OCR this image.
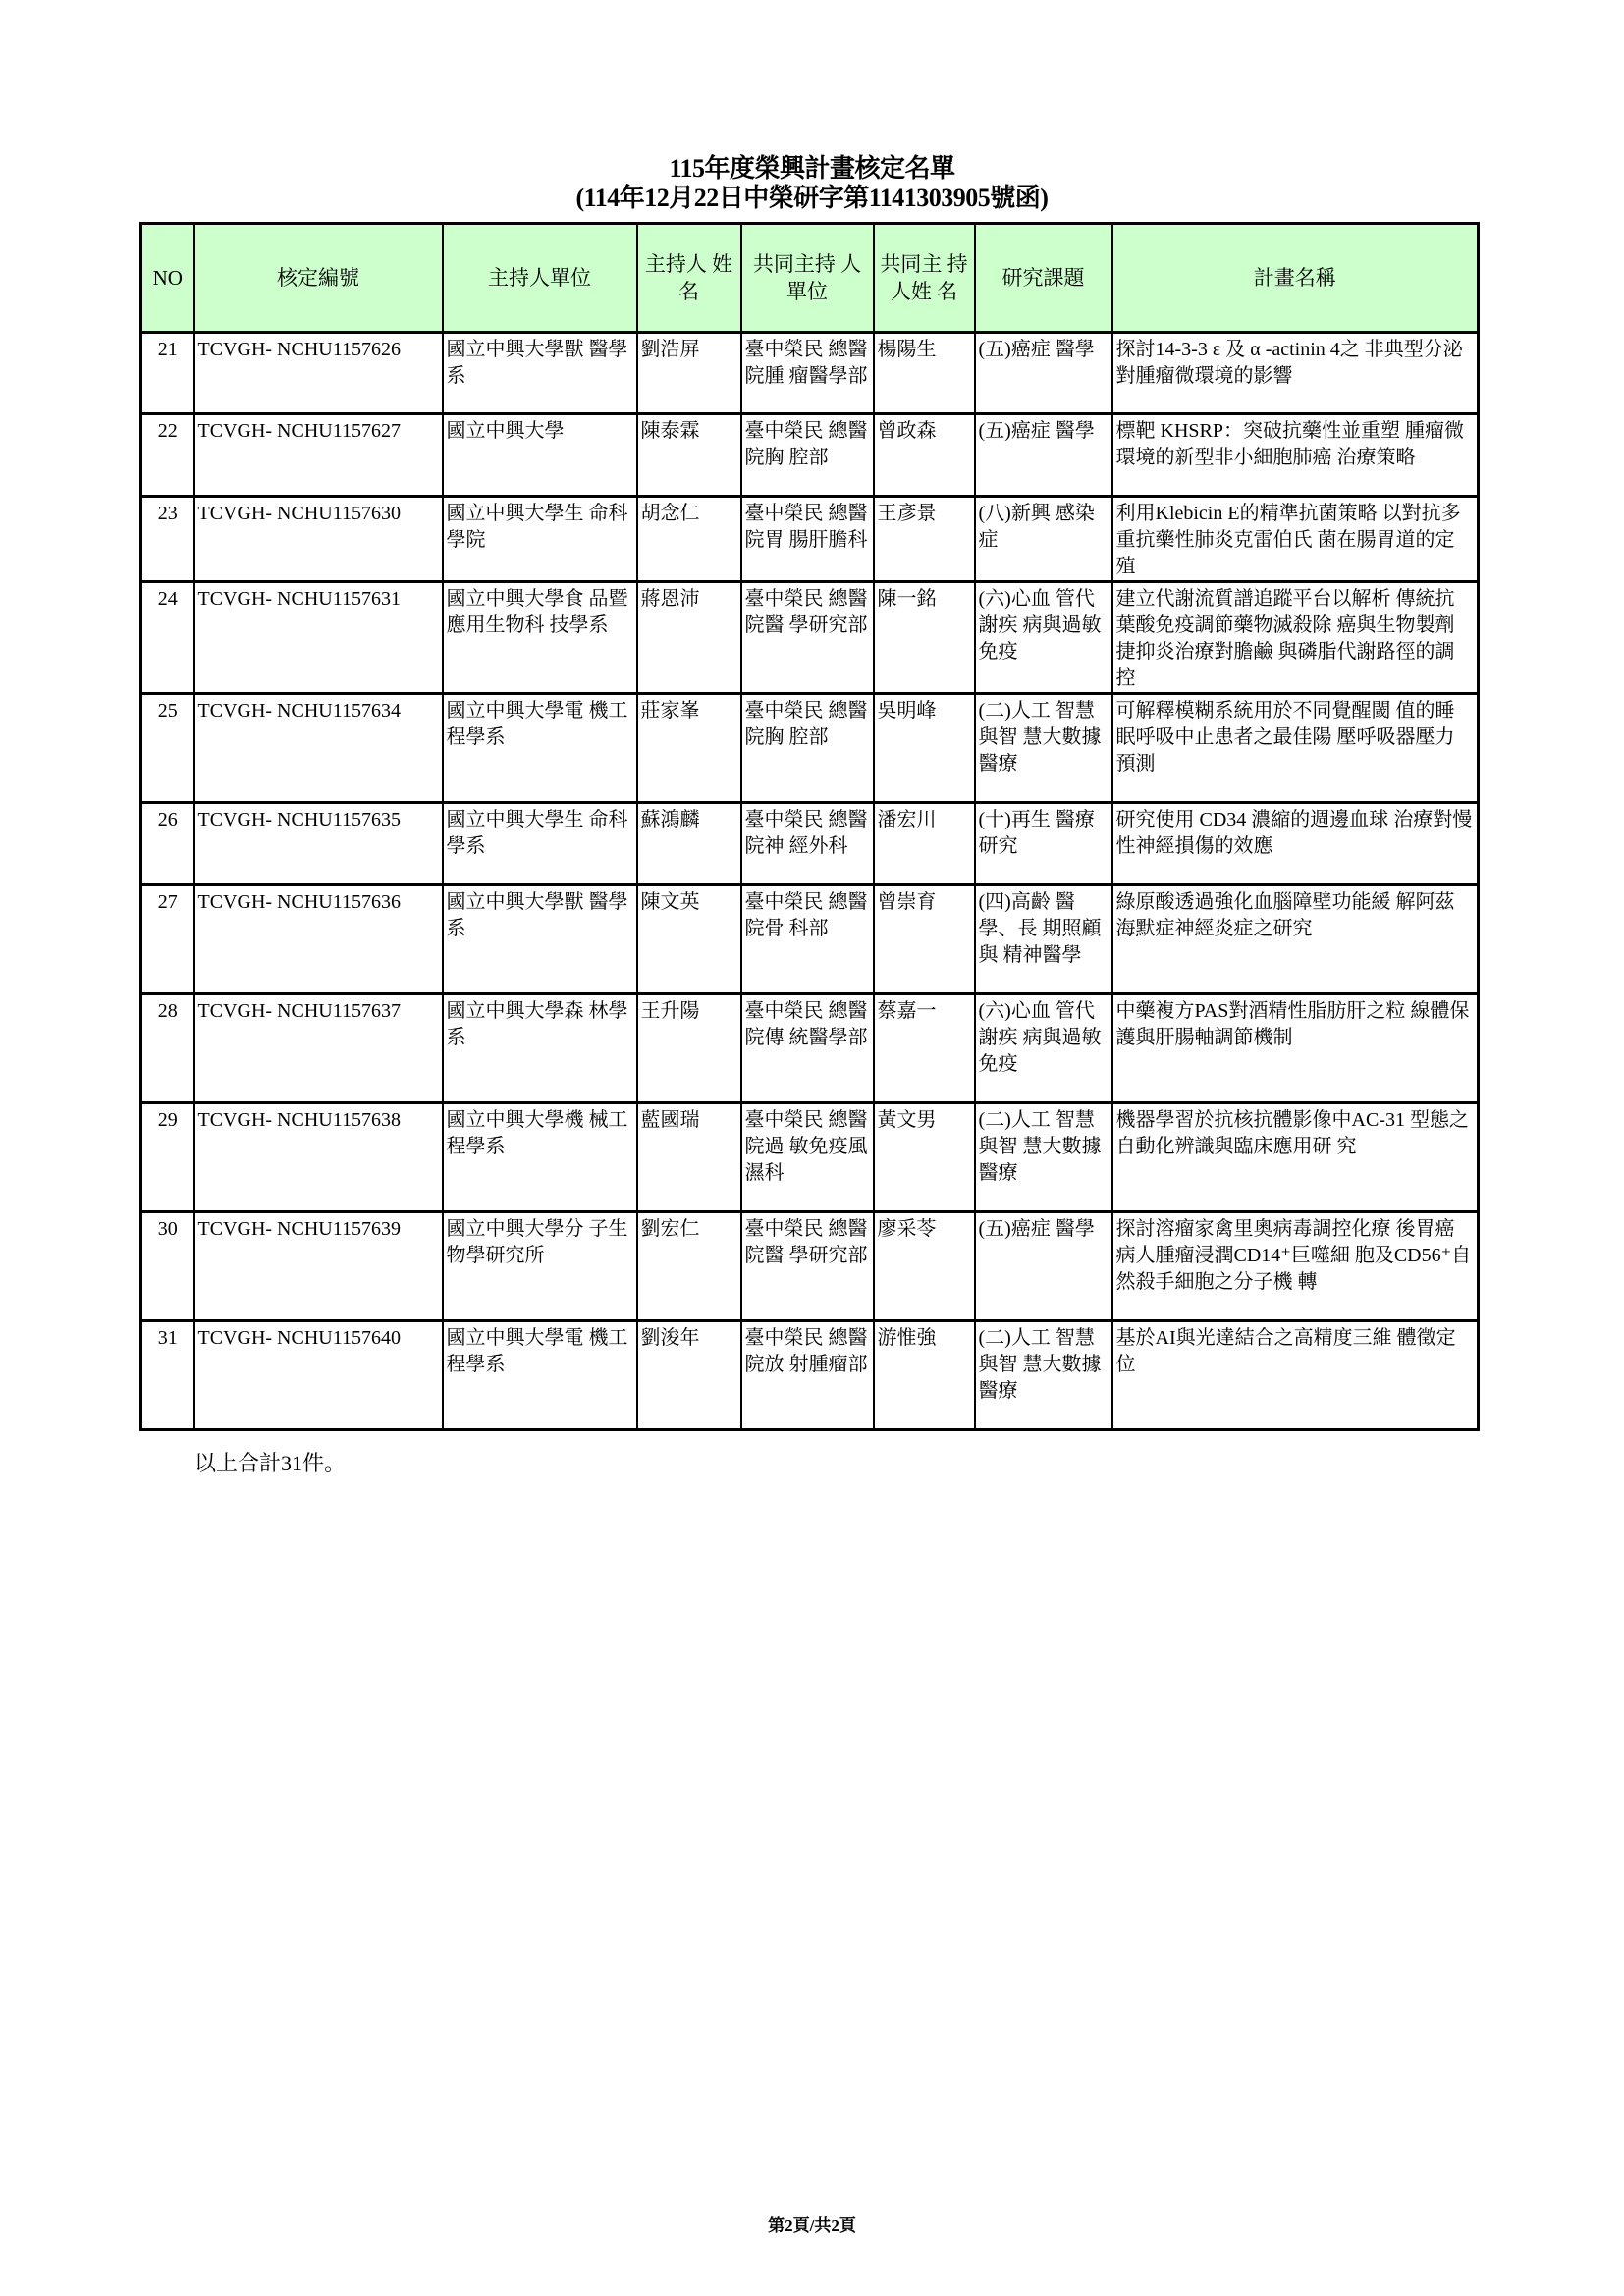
115年度榮興計畫核定名單
(114年12月22日中榮研字第1141303905號函)
NO	核定編號	主持人單位	主持人 姓名	共同主持 人單位	共同主 持人姓 名	研究課題	計畫名稱
21	TCVGH- NCHU1157626	國立中興大學獸 醫學系	劉浩屏	臺中榮民 總醫院腫 瘤醫學部	楊陽生	(五)癌症 醫學	探討14-3-3 ε 及 α -actinin 4之 非典型分泌對腫瘤微環境的影響
22	TCVGH- NCHU1157627	國立中興大學	陳泰霖	臺中榮民 總醫院胸 腔部	曾政森	(五)癌症 醫學	標靶 KHSRP：突破抗藥性並重塑 腫瘤微環境的新型非小細胞肺癌 治療策略
23	TCVGH- NCHU1157630	國立中興大學生 命科學院	胡念仁	臺中榮民 總醫院胃 腸肝膽科	王彥景	(八)新興 感染症	利用Klebicin E的精準抗菌策略 以對抗多重抗藥性肺炎克雷伯氏 菌在腸胃道的定殖
24	TCVGH- NCHU1157631	國立中興大學食 品暨應用生物科 技學系	蔣恩沛	臺中榮民 總醫院醫 學研究部	陳一銘	(六)心血 管代謝疾 病與過敏 免疫	建立代謝流質譜追蹤平台以解析 傳統抗葉酸免疫調節藥物滅殺除 癌與生物製劑捷抑炎治療對膽鹼 與磷脂代謝路徑的調控
25	TCVGH- NCHU1157634	國立中興大學電 機工程學系	莊家峯	臺中榮民 總醫院胸 腔部	吳明峰	(二)人工 智慧與智 慧大數據 醫療	可解釋模糊系統用於不同覺醒閾 值的睡眠呼吸中止患者之最佳陽 壓呼吸器壓力預測
26	TCVGH- NCHU1157635	國立中興大學生 命科學系	蘇鴻麟	臺中榮民 總醫院神 經外科	潘宏川	(十)再生 醫療研究	研究使用 CD34 濃縮的週邊血球 治療對慢性神經損傷的效應
27	TCVGH- NCHU1157636	國立中興大學獸 醫學系	陳文英	臺中榮民 總醫院骨 科部	曾崇育	(四)高齡 醫學、長 期照顧與 精神醫學	綠原酸透過強化血腦障壁功能緩 解阿茲海默症神經炎症之研究
28	TCVGH- NCHU1157637	國立中興大學森 林學系	王升陽	臺中榮民 總醫院傳 統醫學部	蔡嘉一	(六)心血 管代謝疾 病與過敏 免疫	中藥複方PAS對酒精性脂肪肝之粒 線體保護與肝腸軸調節機制
29	TCVGH- NCHU1157638	國立中興大學機 械工程學系	藍國瑞	臺中榮民 總醫院過 敏免疫風 濕科	黃文男	(二)人工 智慧與智 慧大數據 醫療	機器學習於抗核抗體影像中AC-31 型態之自動化辨識與臨床應用研 究
30	TCVGH- NCHU1157639	國立中興大學分 子生物學研究所	劉宏仁	臺中榮民 總醫院醫 學研究部	廖采苓	(五)癌症 醫學	探討溶瘤家禽里奧病毒調控化療 後胃癌病人腫瘤浸潤CD14⁺巨噬細 胞及CD56⁺自然殺手細胞之分子機 轉
31	TCVGH- NCHU1157640	國立中興大學電 機工程學系	劉浚年	臺中榮民 總醫院放 射腫瘤部	游惟強	(二)人工 智慧與智 慧大數據 醫療	基於AI與光達結合之高精度三維 體徵定位
以上合計31件。
第2頁/共2頁
